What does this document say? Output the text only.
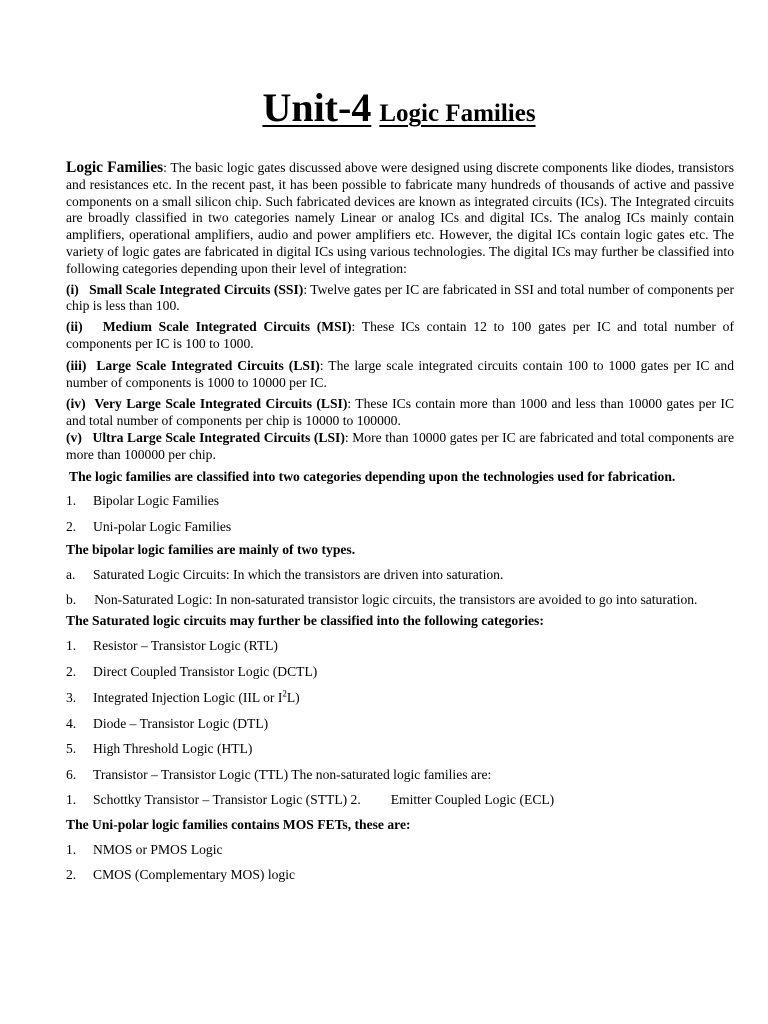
Unit-4 Logic Families

Logic Families: The basic logic gates discussed above were designed using discrete components like diodes, transistors and resistances etc. In the recent past, it has been possible to fabricate many hundreds of thousands of active and passive components on a small silicon chip. Such fabricated devices are known as integrated circuits (ICs). The Integrated circuits are broadly classified in two categories namely Linear or analog ICs and digital ICs. The analog ICs mainly contain amplifiers, operational amplifiers, audio and power amplifiers etc. However, the digital ICs contain logic gates etc. The variety of logic gates are fabricated in digital ICs using various technologies. The digital ICs may further be classified into following categories depending upon their level of integration:

(i) Small Scale Integrated Circuits (SSI): Twelve gates per IC are fabricated in SSI and total number of components per chip is less than 100.

(ii) Medium Scale Integrated Circuits (MSI): These ICs contain 12 to 100 gates per IC and total number of components per IC is 100 to 1000.

(iii) Large Scale Integrated Circuits (LSI): The large scale integrated circuits contain 100 to 1000 gates per IC and number of components is 1000 to 10000 per IC.

(iv) Very Large Scale Integrated Circuits (LSI): These ICs contain more than 1000 and less than 10000 gates per IC and total number of components per chip is 10000 to 100000.

(v) Ultra Large Scale Integrated Circuits (LSI): More than 10000 gates per IC are fabricated and total components are more than 100000 per chip.

The logic families are classified into two categories depending upon the technologies used for fabrication.

1. Bipolar Logic Families

2. Uni-polar Logic Families

The bipolar logic families are mainly of two types.

a. Saturated Logic Circuits: In which the transistors are driven into saturation.

b. Non-Saturated Logic: In non-saturated transistor logic circuits, the transistors are avoided to go into saturation.

The Saturated logic circuits may further be classified into the following categories:

1. Resistor – Transistor Logic (RTL)

2. Direct Coupled Transistor Logic (DCTL)

3. Integrated Injection Logic (IIL or $I^2L$)

4. Diode – Transistor Logic (DTL)

5. High Threshold Logic (HTL)

6. Transistor – Transistor Logic (TTL) The non-saturated logic families are:

1. Schottky Transistor – Transistor Logic (STTL) 2. Emitter Coupled Logic (ECL)

The Uni-polar logic families contains MOS FETs, these are:

1. NMOS or PMOS Logic

2. CMOS (Complementary MOS) logic
